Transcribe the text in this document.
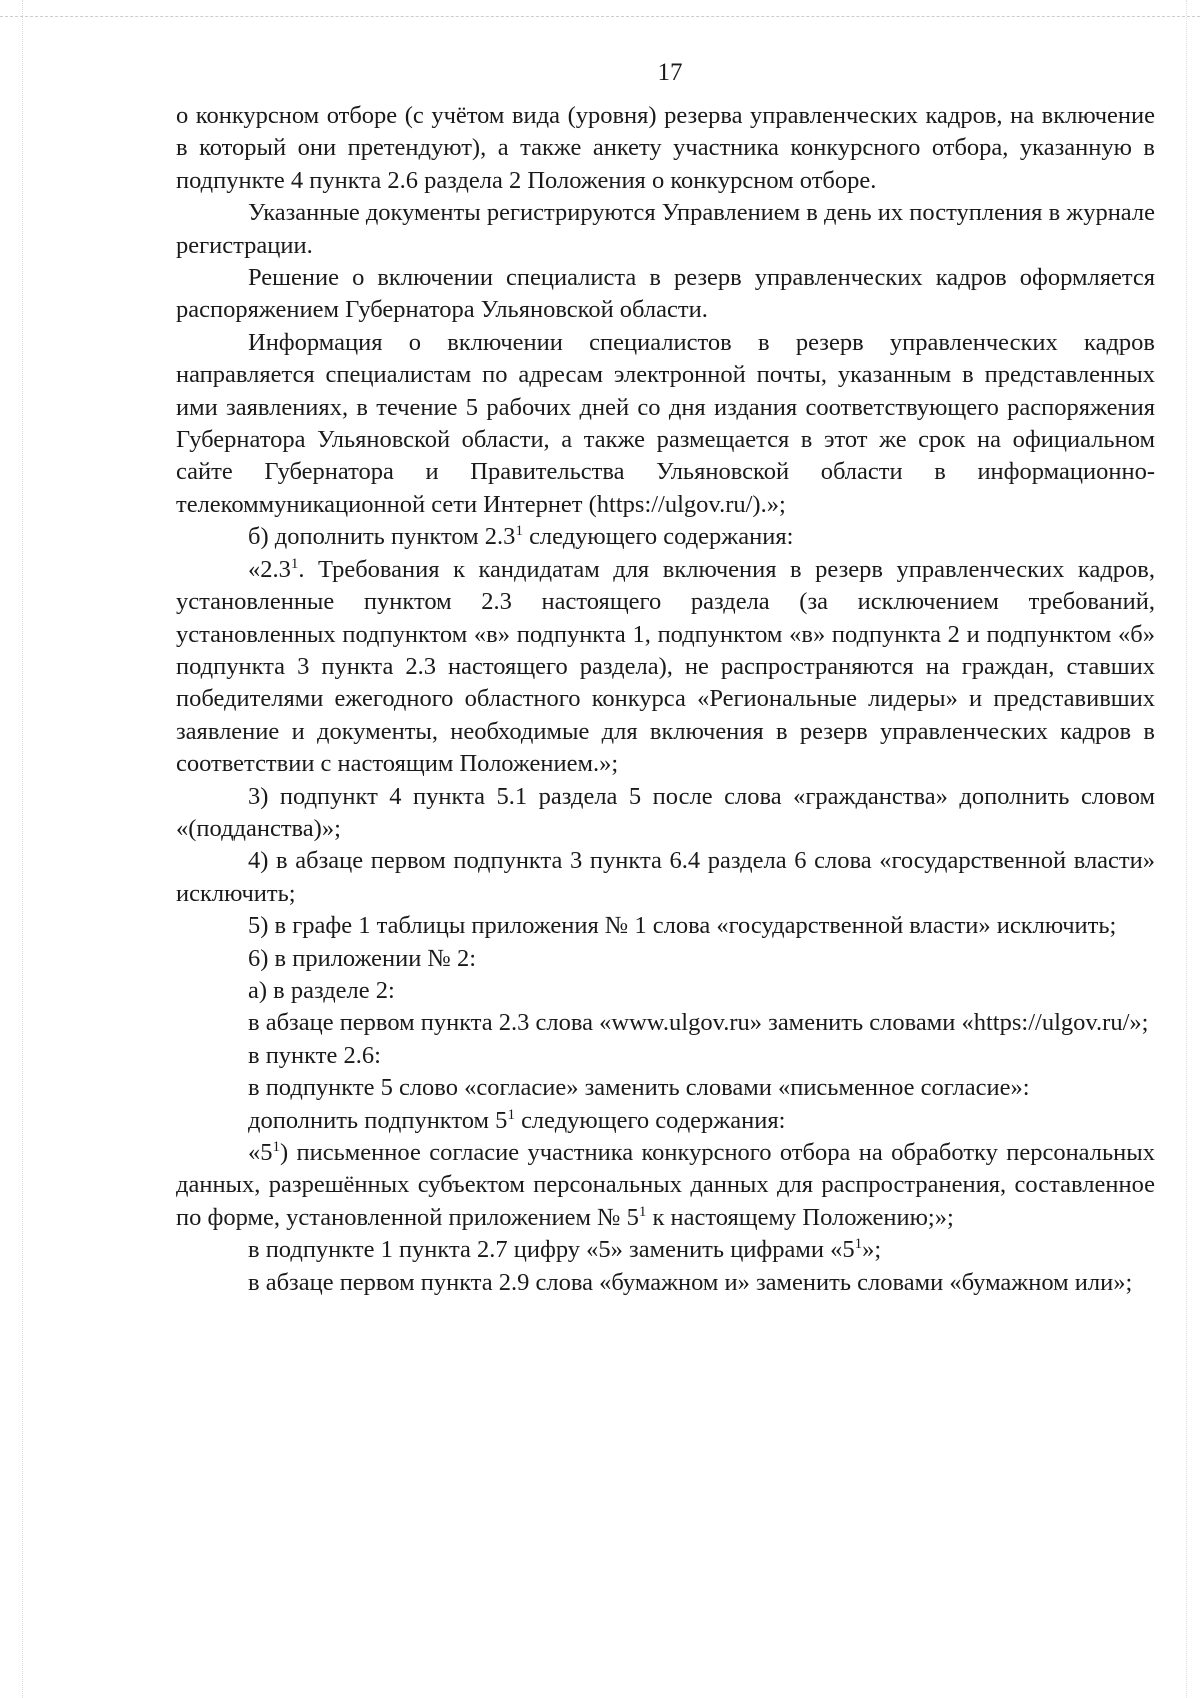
17

о конкурсном отборе (с учётом вида (уровня) резерва управленческих кадров, на включение в который они претендуют), а также анкету участника конкурсного отбора, указанную в подпункте 4 пункта 2.6 раздела 2 Положения о конкурсном отборе.

Указанные документы регистрируются Управлением в день их поступления в журнале регистрации.

Решение о включении специалиста в резерв управленческих кадров оформляется распоряжением Губернатора Ульяновской области.

Информация о включении специалистов в резерв управленческих кадров направляется специалистам по адресам электронной почты, указанным в представленных ими заявлениях, в течение 5 рабочих дней со дня издания соответствующего распоряжения Губернатора Ульяновской области, а также размещается в этот же срок на официальном сайте Губернатора и Правительства Ульяновской области в информационно-телекоммуникационной сети Интернет (https://ulgov.ru/).»;

б) дополнить пунктом $2.3^1$ следующего содержания:

«$2.3^1$. Требования к кандидатам для включения в резерв управленческих кадров, установленные пунктом 2.3 настоящего раздела (за исключением требований, установленных подпунктом «в» подпункта 1, подпунктом «в» подпункта 2 и подпунктом «б» подпункта 3 пункта 2.3 настоящего раздела), не распространяются на граждан, ставших победителями ежегодного областного конкурса «Региональные лидеры» и представивших заявление и документы, необходимые для включения в резерв управленческих кадров в соответствии с настоящим Положением.»;

3) подпункт 4 пункта 5.1 раздела 5 после слова «гражданства» дополнить словом «(подданства)»;

4) в абзаце первом подпункта 3 пункта 6.4 раздела 6 слова «государственной власти» исключить;

5) в графе 1 таблицы приложения № 1 слова «государственной власти» исключить;

6) в приложении № 2:

а) в разделе 2:

в абзаце первом пункта 2.3 слова «www.ulgov.ru» заменить словами «https://ulgov.ru/»;

в пункте 2.6:

в подпункте 5 слово «согласие» заменить словами «письменное согласие»:

дополнить подпунктом $5^1$ следующего содержания:

«$5^1$) письменное согласие участника конкурсного отбора на обработку персональных данных, разрешённых субъектом персональных данных для распространения, составленное по форме, установленной приложением № $5^1$ к настоящему Положению;»;

в подпункте 1 пункта 2.7 цифру «5» заменить цифрами «$5^1$»;

в абзаце первом пункта 2.9 слова «бумажном и» заменить словами «бумажном или»;
